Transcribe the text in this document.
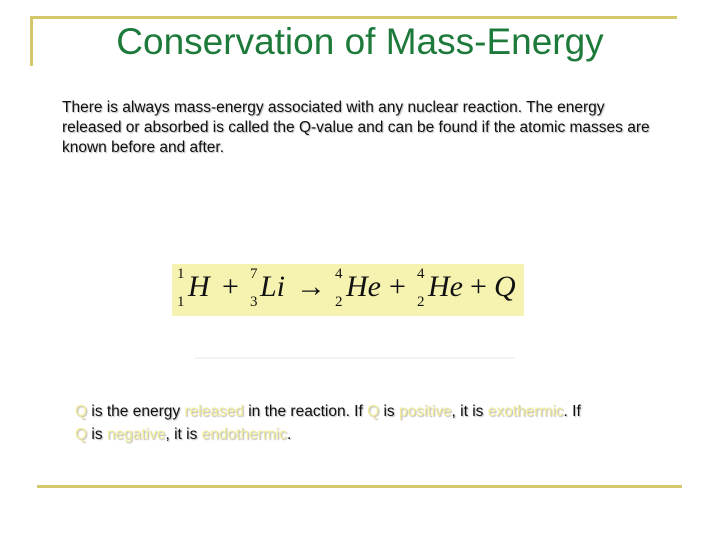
Conservation of Mass-Energy
There is always mass-energy associated with any nuclear reaction. The energy released or absorbed is called the Q-value and can be found if the atomic masses are known before and after.
1
1 H + 7
3 Li → 4
2 He + 4
2 He + Q
Q is the energy released in the reaction. If Q is positive, it is exothermic. If Q is negative, it is endothermic.
